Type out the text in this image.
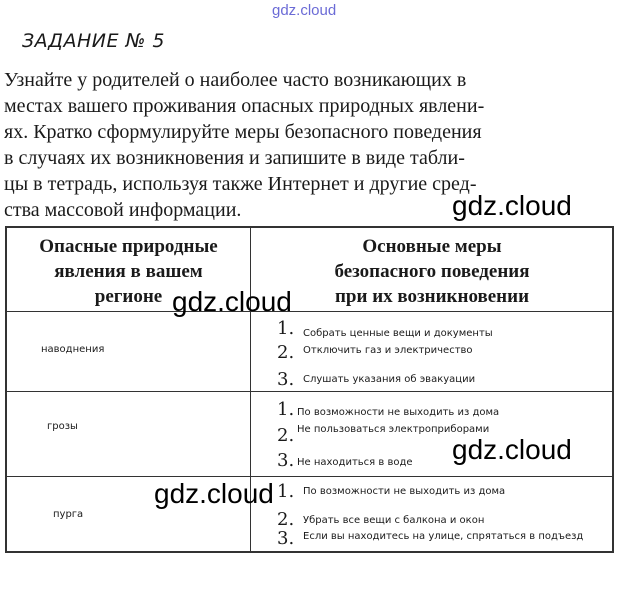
gdz.cloud
ЗАДАНИЕ № 5

Узнайте у родителей о наиболее часто возникающих в
местах вашего проживания опасных природных явлени-
ях. Кратко сформулируйте меры безопасного поведения
в случаях их возникновения и запишите в виде табли-
цы в тетрадь, используя также Интернет и другие сред-
ства массовой информации.

Опасные природные
явления в вашем
регионе
Основные меры
безопасного поведения
при их возникновении
наводнения
1. Собрать ценные вещи и документы
2. Отключить газ и электричество
3. Слушать указания об эвакуации
грозы
1. По возможности не выходить из дома
2. Не пользоваться электроприборами
3. Не находиться в воде
пурга
1. По возможности не выходить из дома
2. Убрать все вещи с балкона и окон
3. Если вы находитесь на улице, спрятаться в подъезд
gdz.cloud
gdz.cloud
gdz.cloud
gdz.cloud
